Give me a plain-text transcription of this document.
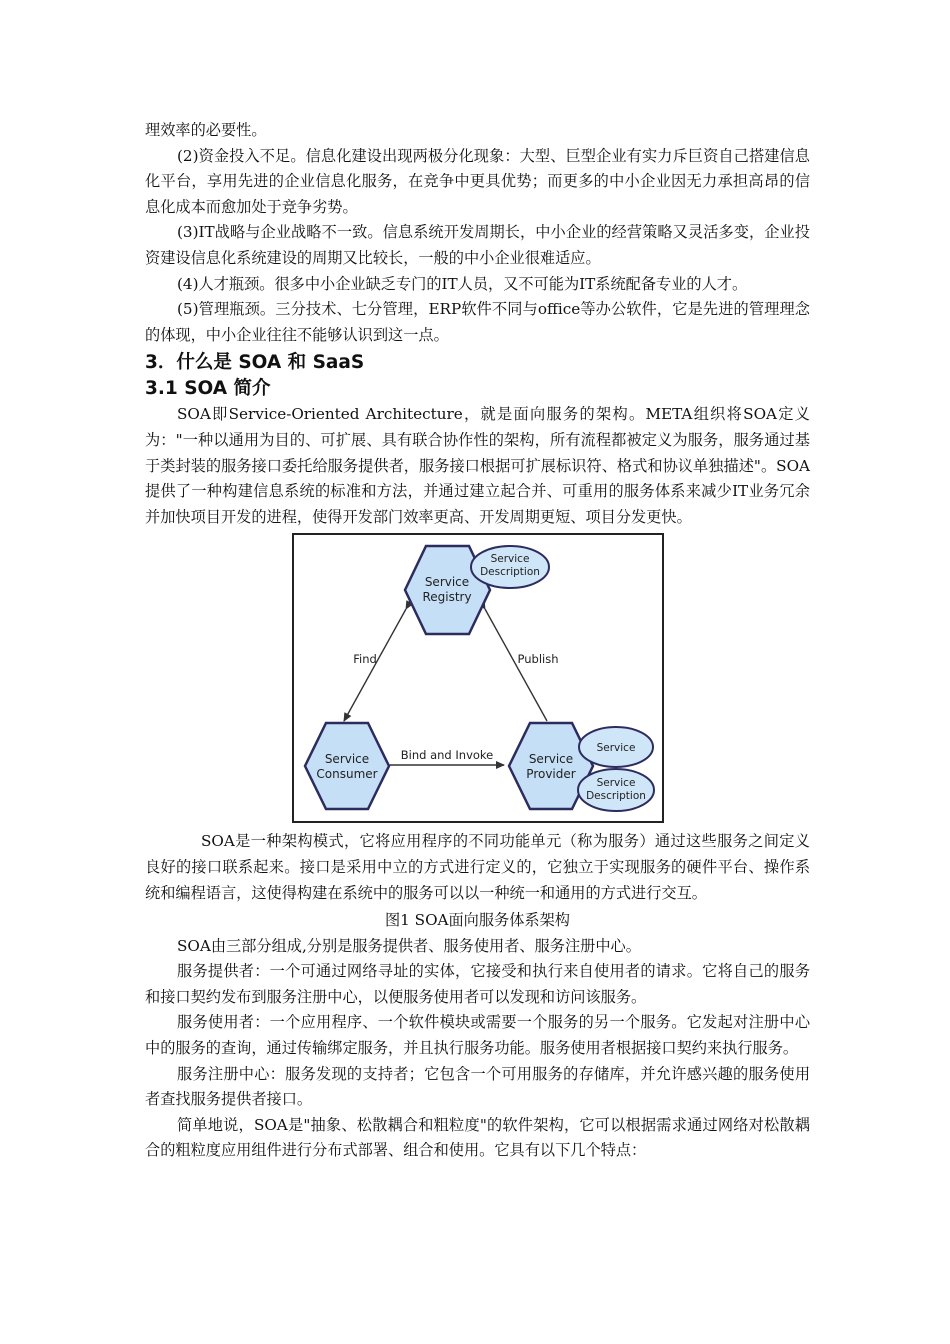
理效率的必要性。

(2)资金投入不足。信息化建设出现两极分化现象：大型、巨型企业有实力斥巨资自己搭建信息化平台，享用先进的企业信息化服务，在竞争中更具优势；而更多的中小企业因无力承担高昂的信息化成本而愈加处于竞争劣势。

(3)IT战略与企业战略不一致。信息系统开发周期长，中小企业的经营策略又灵活多变，企业投资建设信息化系统建设的周期又比较长，一般的中小企业很难适应。

(4)人才瓶颈。很多中小企业缺乏专门的IT人员，又不可能为IT系统配备专业的人才。

(5)管理瓶颈。三分技术、七分管理，ERP软件不同与office等办公软件，它是先进的管理理念的体现，中小企业往往不能够认识到这一点。

3．什么是 SOA 和 SaaS
3.1 SOA 简介

SOA即Service-Oriented Architecture，就是面向服务的架构。META组织将SOA定义为："一种以通用为目的、可扩展、具有联合协作性的架构，所有流程都被定义为服务，服务通过基于类封装的服务接口委托给服务提供者，服务接口根据可扩展标识符、格式和协议单独描述"。SOA提供了一种构建信息系统的标准和方法，并通过建立起合并、可重用的服务体系来减少IT业务冗余并加快项目开发的进程，使得开发部门效率更高、开发周期更短、项目分发更快。

Service
Registry
Service
Description
Service
Consumer
Service
Provider
Service
Service
Description
Find	Publish
Bind and Invoke

SOA是一种架构模式，它将应用程序的不同功能单元（称为服务）通过这些服务之间定义良好的接口联系起来。接口是采用中立的方式进行定义的，它独立于实现服务的硬件平台、操作系统和编程语言，这使得构建在系统中的服务可以以一种统一和通用的方式进行交互。

图1 SOA面向服务体系架构

SOA由三部分组成,分别是服务提供者、服务使用者、服务注册中心。

服务提供者：一个可通过网络寻址的实体，它接受和执行来自使用者的请求。它将自己的服务和接口契约发布到服务注册中心，以便服务使用者可以发现和访问该服务。

服务使用者：一个应用程序、一个软件模块或需要一个服务的另一个服务。它发起对注册中心中的服务的查询，通过传输绑定服务，并且执行服务功能。服务使用者根据接口契约来执行服务。

服务注册中心：服务发现的支持者；它包含一个可用服务的存储库，并允许感兴趣的服务使用者查找服务提供者接口。

简单地说，SOA是"抽象、松散耦合和粗粒度"的软件架构，它可以根据需求通过网络对松散耦合的粗粒度应用组件进行分布式部署、组合和使用。它具有以下几个特点：
